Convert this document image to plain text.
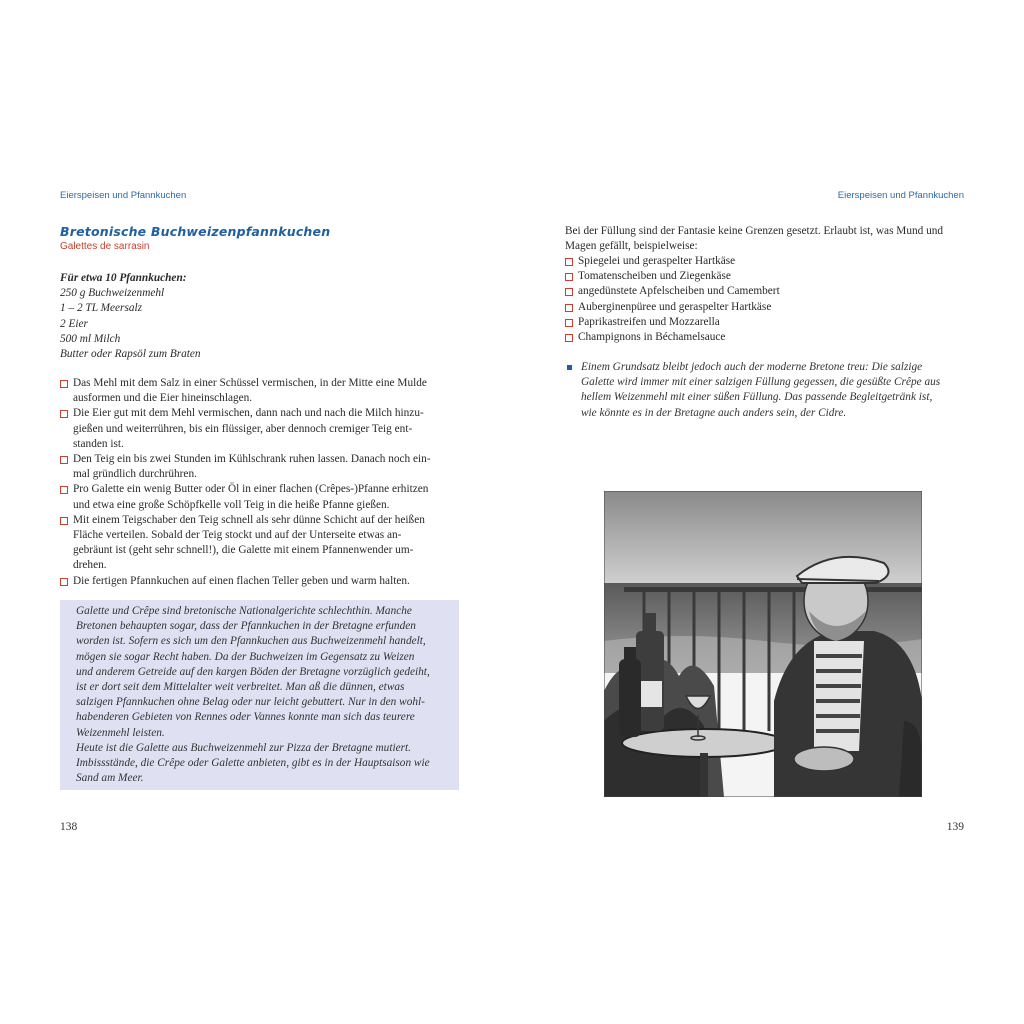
Eierspeisen und Pfannkuchen
Bretonische Buchweizenpfannkuchen
Galettes de sarrasin
Für etwa 10 Pfannkuchen:
250 g Buchweizenmehl
1 – 2 TL Meersalz
2 Eier
500 ml Milch
Butter oder Rapsöl zum Braten
Das Mehl mit dem Salz in einer Schüssel vermischen, in der Mitte eine Mulde
ausformen und die Eier hineinschlagen.
Die Eier gut mit dem Mehl vermischen, dann nach und nach die Milch hinzu-
gießen und weiterrühren, bis ein flüssiger, aber dennoch cremiger Teig ent-
standen ist.
Den Teig ein bis zwei Stunden im Kühlschrank ruhen lassen. Danach noch ein-
mal gründlich durchrühren.
Pro Galette ein wenig Butter oder Öl in einer flachen (Crêpes-)Pfanne erhitzen
und etwa eine große Schöpfkelle voll Teig in die heiße Pfanne gießen.
Mit einem Teigschaber den Teig schnell als sehr dünne Schicht auf der heißen
Fläche verteilen. Sobald der Teig stockt und auf der Unterseite etwas an-
gebräunt ist (geht sehr schnell!), die Galette mit einem Pfannenwender um-
drehen.
Die fertigen Pfannkuchen auf einen flachen Teller geben und warm halten.

Galette und Crêpe sind bretonische Nationalgerichte schlechthin. Manche

Bretonen behaupten sogar, dass der Pfannkuchen in der Bretagne erfunden

worden ist. Sofern es sich um den Pfannkuchen aus Buchweizenmehl handelt,

mögen sie sogar Recht haben. Da der Buchweizen im Gegensatz zu Weizen

und anderem Getreide auf den kargen Böden der Bretagne vorzüglich gedeiht,

ist er dort seit dem Mittelalter weit verbreitet. Man aß die dünnen, etwas

salzigen Pfannkuchen ohne Belag oder nur leicht gebuttert. Nur in den wohl-

habenderen Gebieten von Rennes oder Vannes konnte man sich das teurere

Weizenmehl leisten.

Heute ist die Galette aus Buchweizenmehl zur Pizza der Bretagne mutiert.

Imbissstände, die Crêpe oder Galette anbieten, gibt es in der Hauptsaison wie

Sand am Meer.

138
Eierspeisen und Pfannkuchen
Bei der Füllung sind der Fantasie keine Grenzen gesetzt. Erlaubt ist, was Mund und
Magen gefällt, beispielweise:
Spiegelei und geraspelter Hartkäse
Tomatenscheiben und Ziegenkäse
angedünstete Apfelscheiben und Camembert
Auberginenpüree und geraspelter Hartkäse
Paprikastreifen und Mozzarella
Champignons in Béchamelsauce
Einem Grundsatz bleibt jedoch auch der moderne Bretone treu: Die salzige
Galette wird immer mit einer salzigen Füllung gegessen, die gesüßte Crêpe aus
hellem Weizenmehl mit einer süßen Füllung. Das passende Begleitgetränk ist,
wie könnte es in der Bretagne auch anders sein, der Cidre.
139
